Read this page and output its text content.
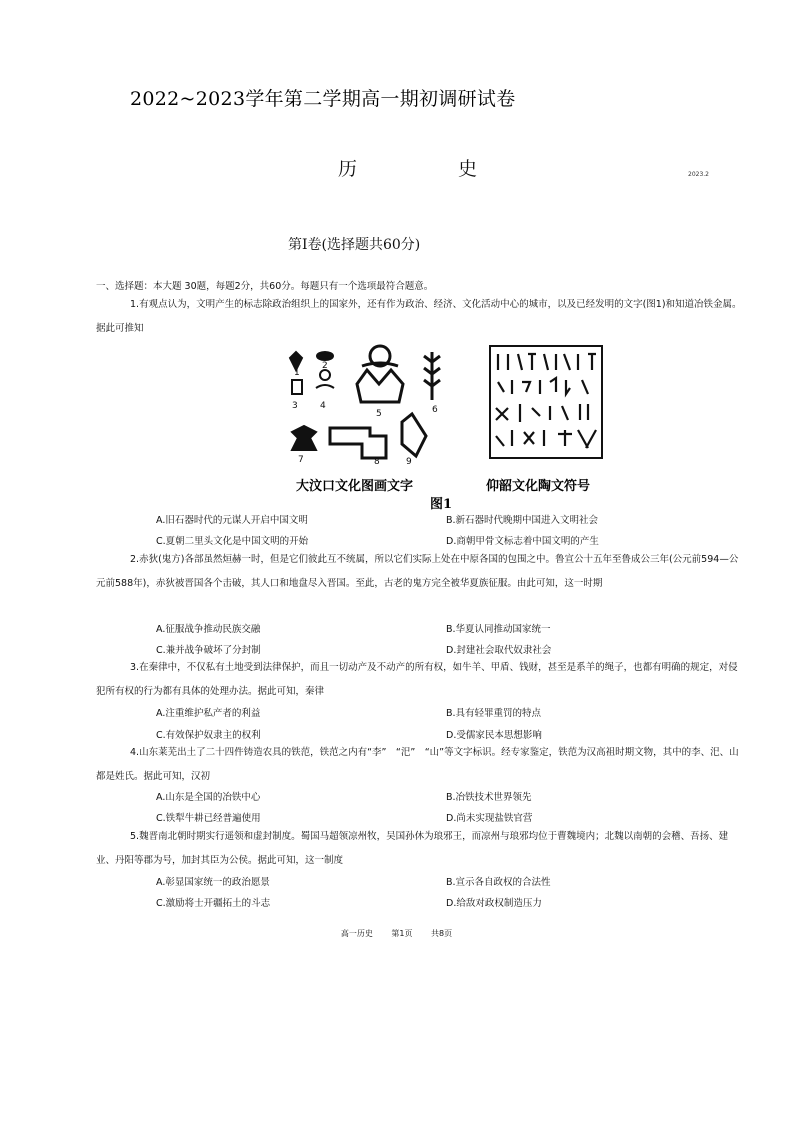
2022~2023学年第二学期高一期初调研试卷
历	史	2023.2
第Ⅰ卷(选择题共60分)
一、选择题：本大题 30题，每题2分，共60分。每题只有一个选项最符合题意。
1.有观点认为，文明产生的标志除政治组织上的国家外，还有作为政治、经济、文化活动中心的城市，以及已经发明的文字(图1)和知道冶铁金属。据此可推知
1
2
3 4
5	6
7	8	9
大汶口文化图画文字	仰韶文化陶文符号
图1
A.旧石器时代的元谋人开启中国文明	B.新石器时代晚期中国进入文明社会
C.夏朝二里头文化是中国文明的开始	D.商朝甲骨文标志着中国文明的产生
2.赤狄(鬼方)各部虽然烜赫一时，但是它们彼此互不统属，所以它们实际上处在中原各国的包围之中。鲁宣公十五年至鲁成公三年(公元前594—公元前588年)，赤狄被晋国各个击破，其人口和地盘尽入晋国。至此，古老的鬼方完全被华夏族征服。由此可知，这一时期
A.征服战争推动民族交融	B.华夏认同推动国家统一
C.兼并战争破坏了分封制	D.封建社会取代奴隶社会
3.在秦律中，不仅私有土地受到法律保护，而且一切动产及不动产的所有权，如牛羊、甲盾、钱财，甚至是系羊的绳子，也都有明确的规定，对侵犯所有权的行为都有具体的处理办法。据此可知，秦律
A.注重维护私产者的利益	B.具有轻罪重罚的特点
C.有效保护奴隶主的权利	D.受儒家民本思想影响
4.山东莱芜出土了二十四件铸造农具的铁范，铁范之内有“李”　“汜”　“山”等文字标识。经专家鉴定，铁范为汉高祖时期文物，其中的李、汜、山都是姓氏。据此可知，汉初
A.山东是全国的冶铁中心	B.冶铁技术世界领先
C.铁犁牛耕已经普遍使用	D.尚未实现盐铁官营
5.魏晋南北朝时期实行遥领和虚封制度。蜀国马超领凉州牧，吴国孙休为琅邪王，而凉州与琅邪均位于曹魏境内；北魏以南朝的会稽、吾扬、建业、丹阳等郡为号，加封其臣为公侯。据此可知，这一制度
A.彰显国家统一的政治愿景	B.宣示各自政权的合法性
C.激励将士开疆拓土的斗志	D.给敌对政权制造压力
高一历史 第1页 共8页
